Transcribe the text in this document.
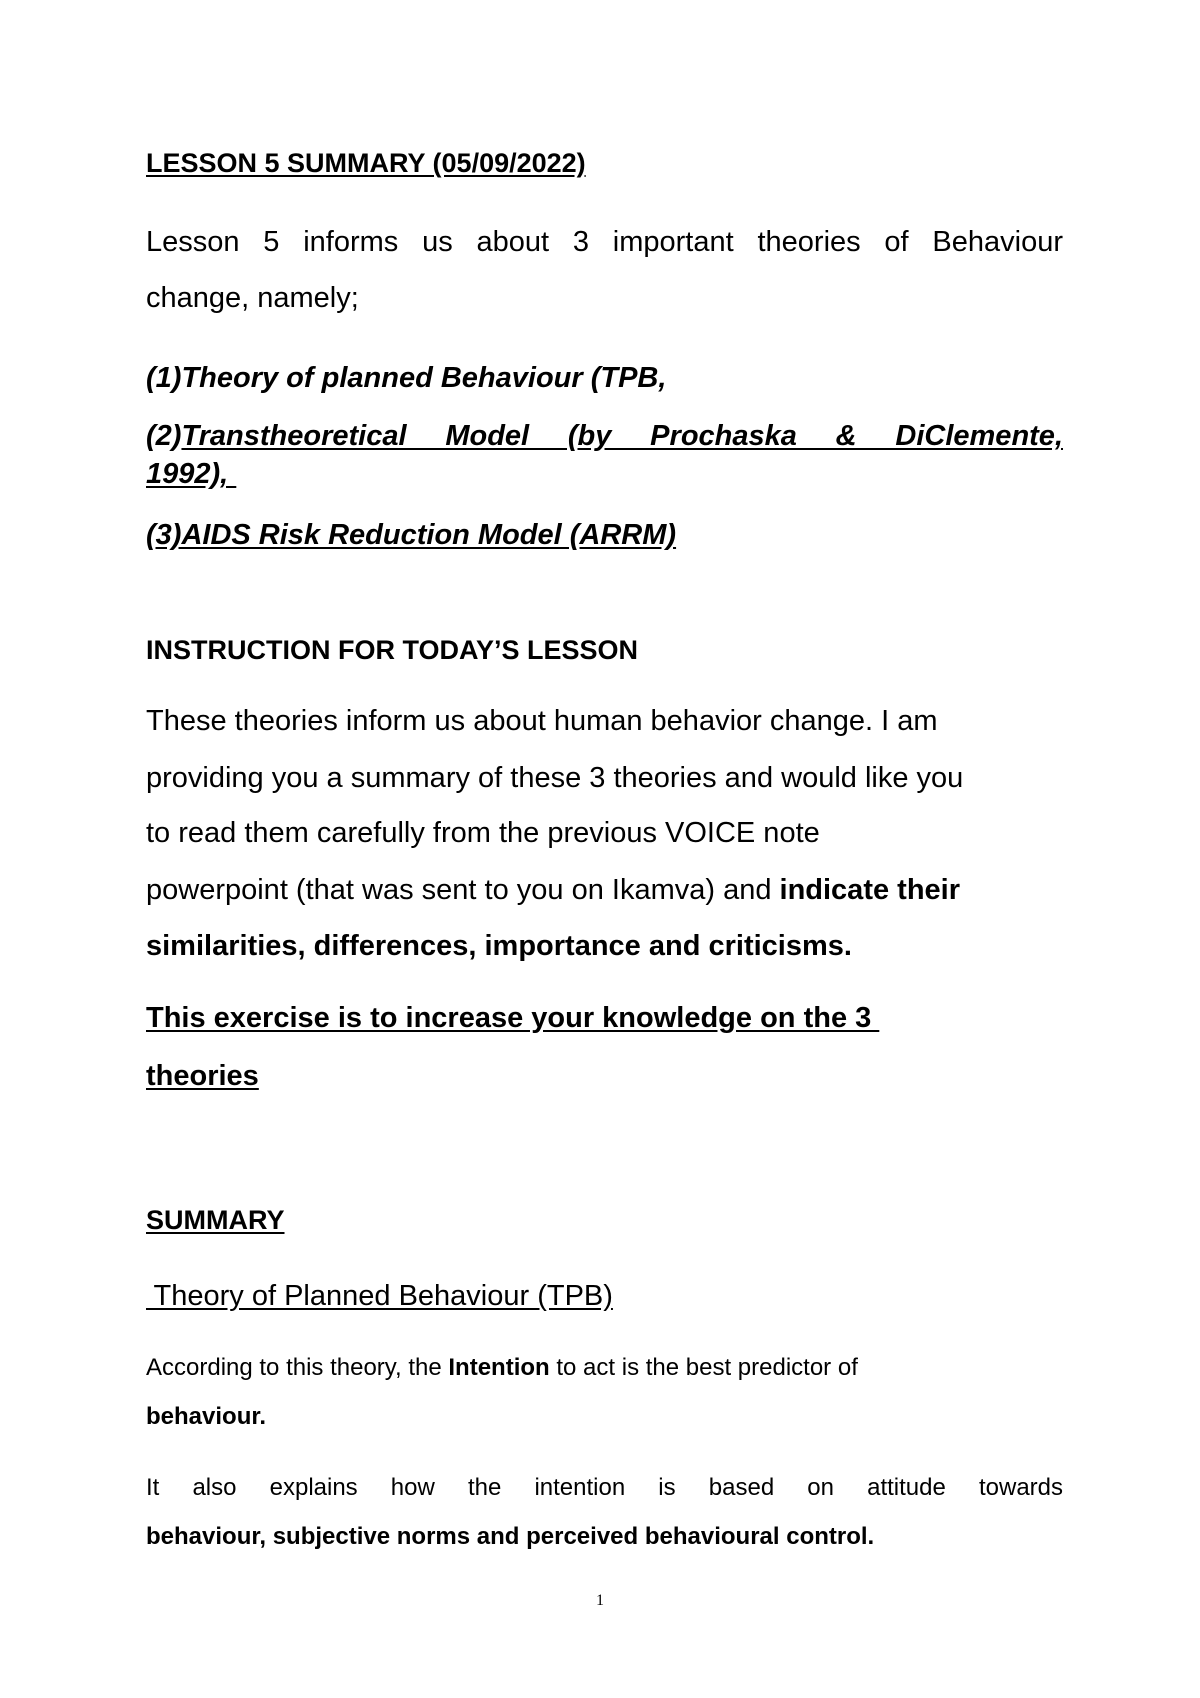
LESSON 5 SUMMARY (05/09/2022)
Lesson 5 informs us about 3 important theories of Behaviour
change, namely;
(1)Theory of planned Behaviour (TPB,
(2)Transtheoretical Model (by Prochaska & DiClemente,
1992),
(3)AIDS Risk Reduction Model (ARRM)
INSTRUCTION FOR TODAY’S LESSON
These theories inform us about human behavior change. I am
providing you a summary of these 3 theories and would like you
to read them carefully from the previous VOICE note
powerpoint (that was sent to you on Ikamva) and indicate their
similarities, differences, importance and criticisms.
This exercise is to increase your knowledge on the 3
theories
SUMMARY
Theory of Planned Behaviour (TPB)
According to this theory, the Intention to act is the best predictor of
behaviour.
It also explains how the intention is based on attitude towards
behaviour, subjective norms and perceived behavioural control.
1
